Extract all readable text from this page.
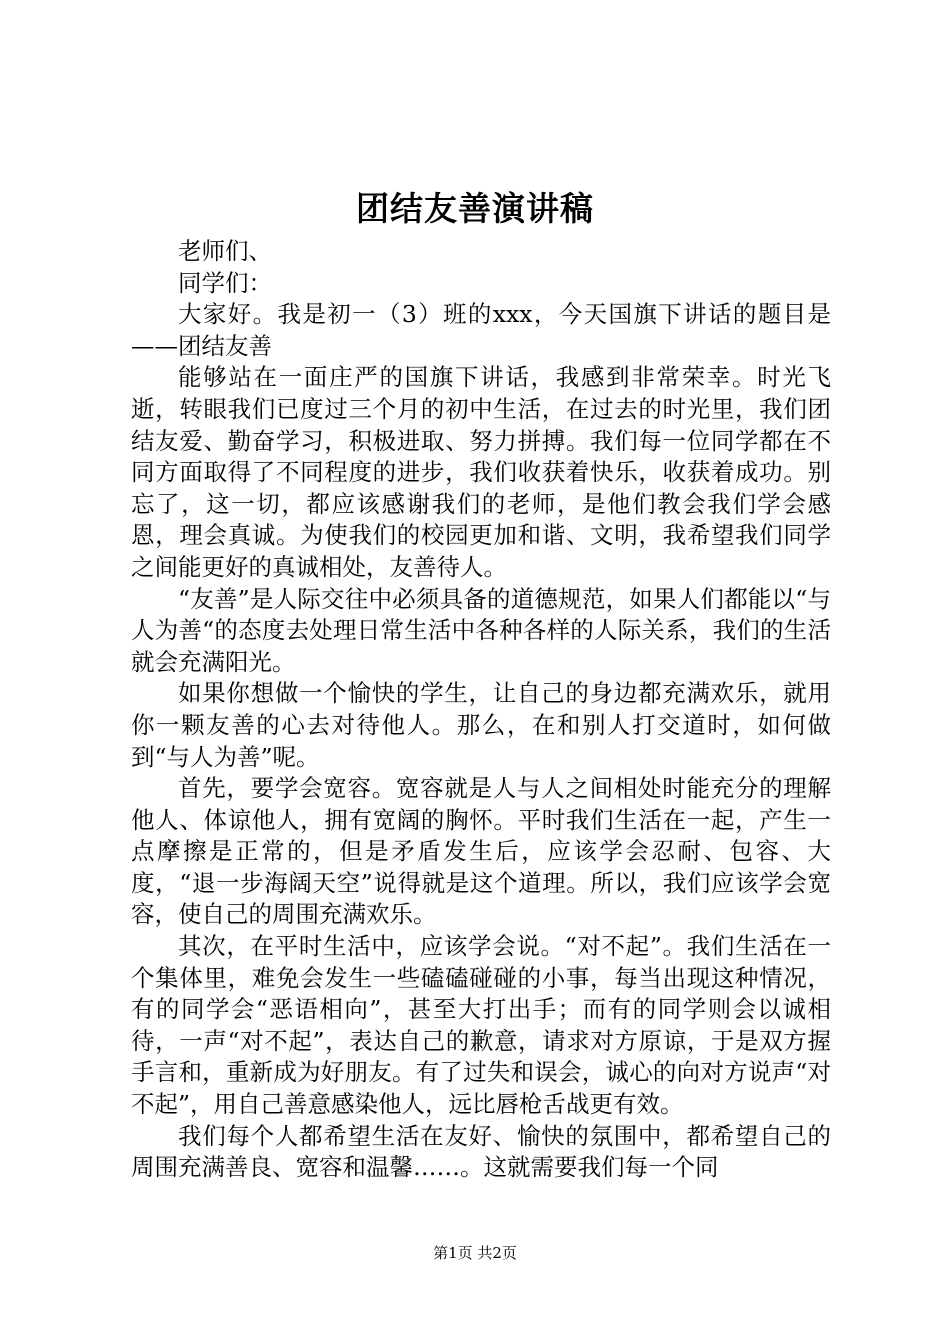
团结友善演讲稿

老师们、

同学们：

大家好。我是初一（3）班的xxx，今天国旗下讲话的题目是——团结友善

能够站在一面庄严的国旗下讲话，我感到非常荣幸。时光飞逝，转眼我们已度过三个月的初中生活，在过去的时光里，我们团结友爱、勤奋学习，积极进取、努力拼搏。我们每一位同学都在不同方面取得了不同程度的进步，我们收获着快乐，收获着成功。别忘了，这一切，都应该感谢我们的老师，是他们教会我们学会感恩，理会真诚。为使我们的校园更加和谐、文明，我希望我们同学之间能更好的真诚相处，友善待人。

“友善”是人际交往中必须具备的道德规范，如果人们都能以“与人为善“的态度去处理日常生活中各种各样的人际关系，我们的生活就会充满阳光。

如果你想做一个愉快的学生，让自己的身边都充满欢乐，就用你一颗友善的心去对待他人。那么，在和别人打交道时，如何做到“与人为善”呢。

首先，要学会宽容。宽容就是人与人之间相处时能充分的理解他人、体谅他人，拥有宽阔的胸怀。平时我们生活在一起，产生一点摩擦是正常的，但是矛盾发生后，应该学会忍耐、包容、大度，“退一步海阔天空”说得就是这个道理。所以，我们应该学会宽容，使自己的周围充满欢乐。

其次，在平时生活中，应该学会说。“对不起”。我们生活在一个集体里，难免会发生一些磕磕碰碰的小事，每当出现这种情况，有的同学会“恶语相向”，甚至大打出手；而有的同学则会以诚相待，一声“对不起”，表达自己的歉意，请求对方原谅，于是双方握手言和，重新成为好朋友。有了过失和误会，诚心的向对方说声“对不起”，用自己善意感染他人，远比唇枪舌战更有效。

我们每个人都希望生活在友好、愉快的氛围中，都希望自己的周围充满善良、宽容和温馨……。这就需要我们每一个同

第1页 共2页
